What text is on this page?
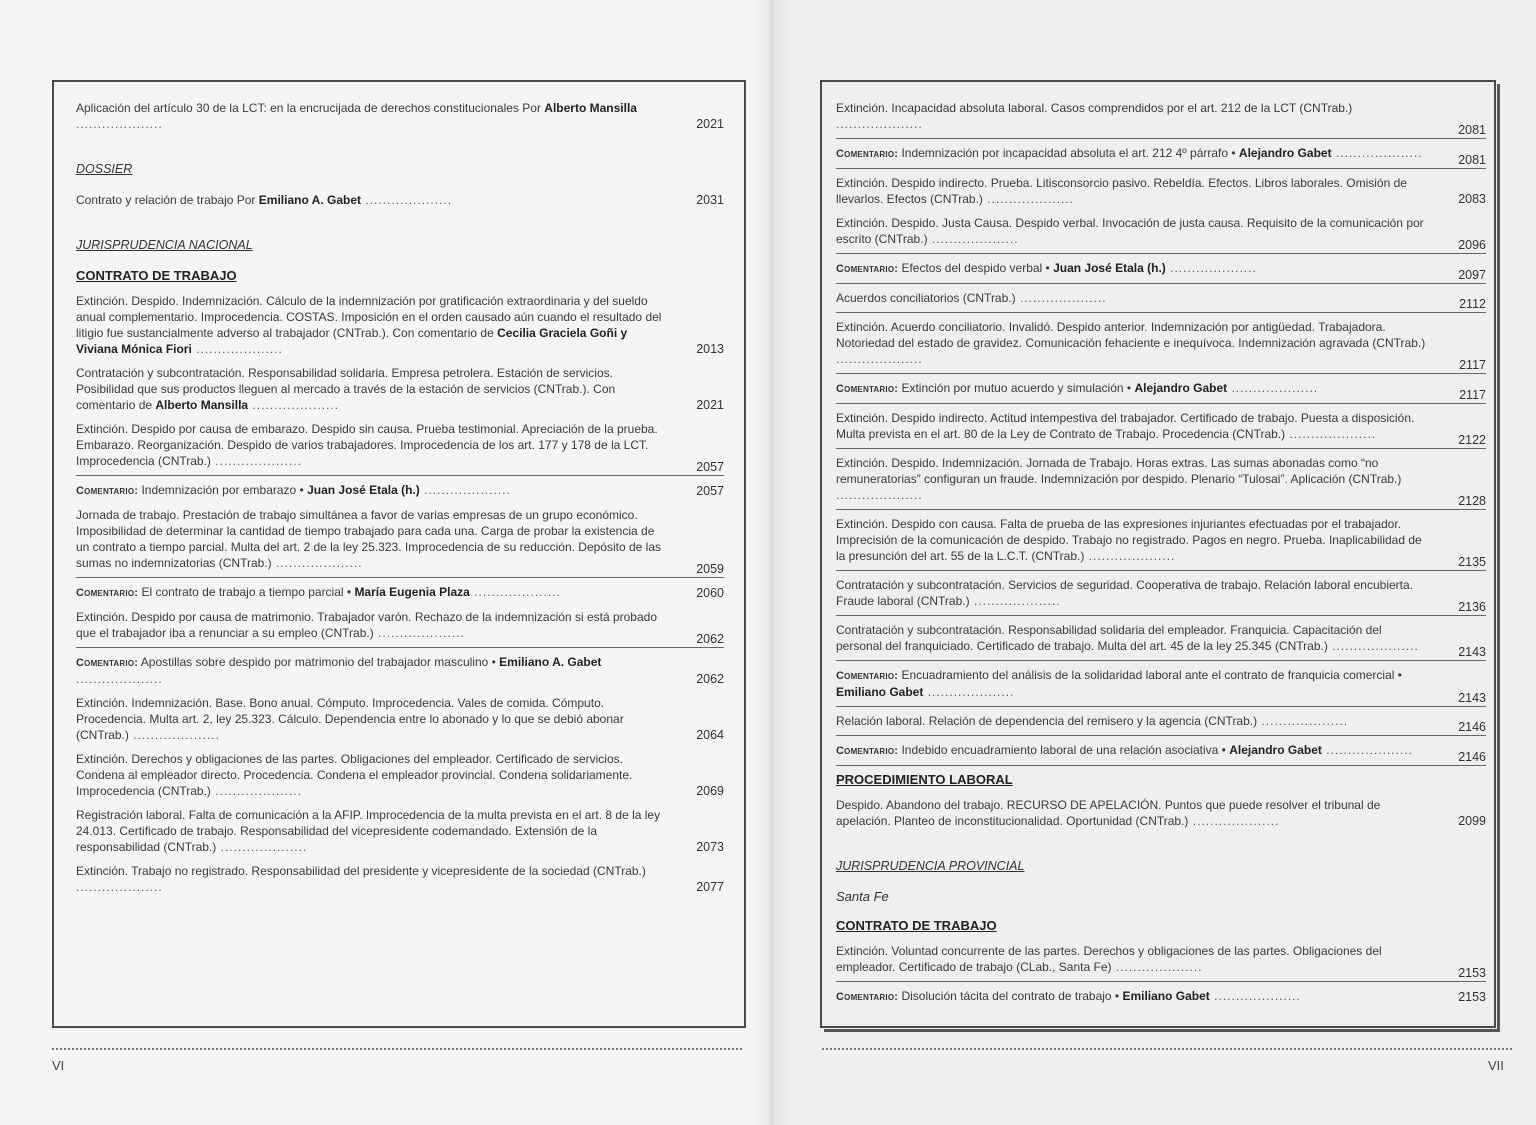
Aplicación del artículo 30 de la LCT: en la encrucijada de derechos constitucionales Por Alberto Mansilla ....................	2021
DOSSIER
Contrato y relación de trabajo Por Emiliano A. Gabet ....................	2031
JURISPRUDENCIA NACIONAL
CONTRATO DE TRABAJO
Extinción. Despido. Indemnización. Cálculo de la indemnización por gratificación extraordinaria y del sueldo anual complementario. Improcedencia. COSTAS. Imposición en el orden causado aún cuando el resultado del litigio fue sustancialmente adverso al trabajador (CNTrab.). Con comentario de Cecilia Graciela Goñi y Viviana Mónica Fiori ....................	2013
Contratación y subcontratación. Responsabilidad solidaria. Empresa petrolera. Estación de servicios. Posibilidad que sus productos lleguen al mercado a través de la estación de servicios (CNTrab.). Con comentario de Alberto Mansilla ....................	2021
Extinción. Despido por causa de embarazo. Despido sin causa. Prueba testimonial. Apreciación de la prueba. Embarazo. Reorganización. Despido de varios trabajadores. Improcedencia de los art. 177 y 178 de la LCT. Improcedencia (CNTrab.) ....................	2057
Comentario: Indemnización por embarazo • Juan José Etala (h.) ....................	2057
Jornada de trabajo. Prestación de trabajo simultánea a favor de varias empresas de un grupo económico. Imposibilidad de determinar la cantidad de tiempo trabajado para cada una. Carga de probar la existencia de un contrato a tiempo parcial. Multa del art. 2 de la ley 25.323. Improcedencia de su reducción. Depósito de las sumas no indemnizatorias (CNTrab.) ....................	2059
Comentario: El contrato de trabajo a tiempo parcial • María Eugenia Plaza ....................	2060
Extinción. Despido por causa de matrimonio. Trabajador varón. Rechazo de la indemnización si está probado que el trabajador iba a renunciar a su empleo (CNTrab.) ....................	2062
Comentario: Apostillas sobre despido por matrimonio del trabajador masculino • Emiliano A. Gabet ....................	2062
Extinción. Indemnización. Base. Bono anual. Cómputo. Improcedencia. Vales de comida. Cómputo. Procedencia. Multa art. 2, ley 25.323. Cálculo. Dependencia entre lo abonado y lo que se debió abonar (CNTrab.) ....................	2064
Extinción. Derechos y obligaciones de las partes. Obligaciones del empleador. Certificado de servicios. Condena al empleador directo. Procedencia. Condena el empleador provincial. Condena solidariamente. Improcedencia (CNTrab.) ....................	2069
Registración laboral. Falta de comunicación a la AFIP. Improcedencia de la multa prevista en el art. 8 de la ley 24.013. Certificado de trabajo. Responsabilidad del vicepresidente codemandado. Extensión de la responsabilidad (CNTrab.) ....................	2073
Extinción. Trabajo no registrado. Responsabilidad del presidente y vicepresidente de la sociedad (CNTrab.) ....................	2077
Extinción. Incapacidad absoluta laboral. Casos comprendidos por el art. 212 de la LCT (CNTrab.) ....................	2081
Comentario: Indemnización por incapacidad absoluta el art. 212 4º párrafo • Alejandro Gabet ....................	2081
Extinción. Despido indirecto. Prueba. Litisconsorcio pasivo. Rebeldía. Efectos. Libros laborales. Omisión de llevarlos. Efectos (CNTrab.) ....................	2083
Extinción. Despido. Justa Causa. Despido verbal. Invocación de justa causa. Requisito de la comunicación por escrito (CNTrab.) ....................	2096
Comentario: Efectos del despido verbal • Juan José Etala (h.) ....................	2097
Acuerdos conciliatorios (CNTrab.) ....................	2112
Extinción. Acuerdo conciliatorio. Invalidó. Despido anterior. Indemnización por antigüedad. Trabajadora. Notoriedad del estado de gravidez. Comunicación fehaciente e inequívoca. Indemnización agravada (CNTrab.) ....................	2117
Comentario: Extinción por mutuo acuerdo y simulación • Alejandro Gabet ....................	2117
Extinción. Despido indirecto. Actitud intempestiva del trabajador. Certificado de trabajo. Puesta a disposición. Multa prevista en el art. 80 de la Ley de Contrato de Trabajo. Procedencia (CNTrab.) ....................	2122
Extinción. Despido. Indemnización. Jornada de Trabajo. Horas extras. Las sumas abonadas como “no remuneratorias” configuran un fraude. Indemnización por despido. Plenario “Tulosai”. Aplicación (CNTrab.) ....................	2128
Extinción. Despido con causa. Falta de prueba de las expresiones injuriantes efectuadas por el trabajador. Imprecisión de la comunicación de despido. Trabajo no registrado. Pagos en negro. Prueba. Inaplicabilidad de la presunción del art. 55 de la L.C.T. (CNTrab.) ....................	2135
Contratación y subcontratación. Servicios de seguridad. Cooperativa de trabajo. Relación laboral encubierta. Fraude laboral (CNTrab.) ....................	2136
Contratación y subcontratación. Responsabilidad solidaria del empleador. Franquicia. Capacitación del personal del franquiciado. Certificado de trabajo. Multa del art. 45 de la ley 25.345 (CNTrab.) ....................	2143
Comentario: Encuadramiento del análisis de la solidaridad laboral ante el contrato de franquicia comercial • Emiliano Gabet ....................	2143
Relación laboral. Relación de dependencia del remisero y la agencia (CNTrab.) ....................	2146
Comentario: Indebido encuadramiento laboral de una relación asociativa • Alejandro Gabet ....................	2146
PROCEDIMIENTO LABORAL
Despido. Abandono del trabajo. RECURSO DE APELACIÓN. Puntos que puede resolver el tribunal de apelación. Planteo de inconstitucionalidad. Oportunidad (CNTrab.) ....................	2099
JURISPRUDENCIA PROVINCIAL
Santa Fe
CONTRATO DE TRABAJO
Extinción. Voluntad concurrente de las partes. Derechos y obligaciones de las partes. Obligaciones del empleador. Certificado de trabajo (CLab., Santa Fe) ....................	2153
Comentario: Disolución tácita del contrato de trabajo • Emiliano Gabet ....................	2153
VI	VII
